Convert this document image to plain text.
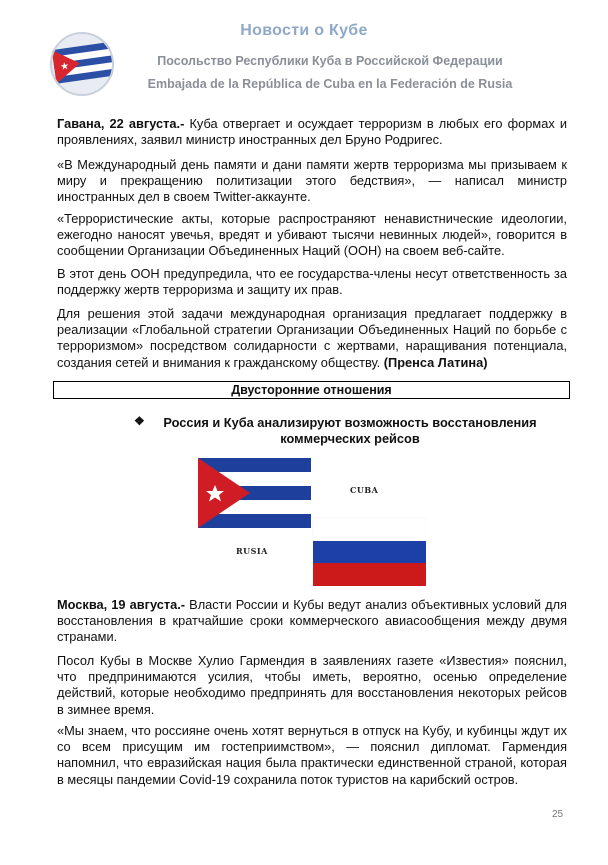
★
Новости о Кубе
Посольство Республики Куба в Российской Федерации
Embajada de la República de Cuba en la Federación de Rusia
Гавана, 22 августа.- Куба отвергает и осуждает терроризм в любых его формах и проявлениях, заявил министр иностранных дел Бруно Родригес.
«В Международный день памяти и дани памяти жертв терроризма мы призываем к миру и прекращению политизации этого бедствия», — написал министр иностранных дел в своем Twitter-аккаунте.
«Террористические акты, которые распространяют ненавистнические идеологии, ежегодно наносят увечья, вредят и убивают тысячи невинных людей», говорится в сообщении Организации Объединенных Наций (ООН) на своем веб-сайте.
В этот день ООН предупредила, что ее государства-члены несут ответственность за поддержку жертв терроризма и защиту их прав.
Для решения этой задачи международная организация предлагает поддержку в реализации «Глобальной стратегии Организации Объединенных Наций по борьбе с терроризмом» посредством солидарности с жертвами, наращивания потенциала, создания сетей и внимания к гражданскому обществу. (Пренса Латина)
Двусторонние отношения
❖	Россия и Куба анализируют возможность восстановления коммерческих рейсов
CUBA
RUSIA
Москва, 19 августа.- Власти России и Кубы ведут анализ объективных условий для восстановления в кратчайшие сроки коммерческого авиасообщения между двумя странами.
Посол Кубы в Москве Хулио Гармендия в заявлениях газете «Известия» пояснил, что предпринимаются усилия, чтобы иметь, вероятно, осенью определение действий, которые необходимо предпринять для восстановления некоторых рейсов в зимнее время.
«Мы знаем, что россияне очень хотят вернуться в отпуск на Кубу, и кубинцы ждут их со всем присущим им гостеприимством», — пояснил дипломат. Гармендия напомнил, что евразийская нация была практически единственной страной, которая в месяцы пандемии Covid-19 сохранила поток туристов на карибский остров.
25
